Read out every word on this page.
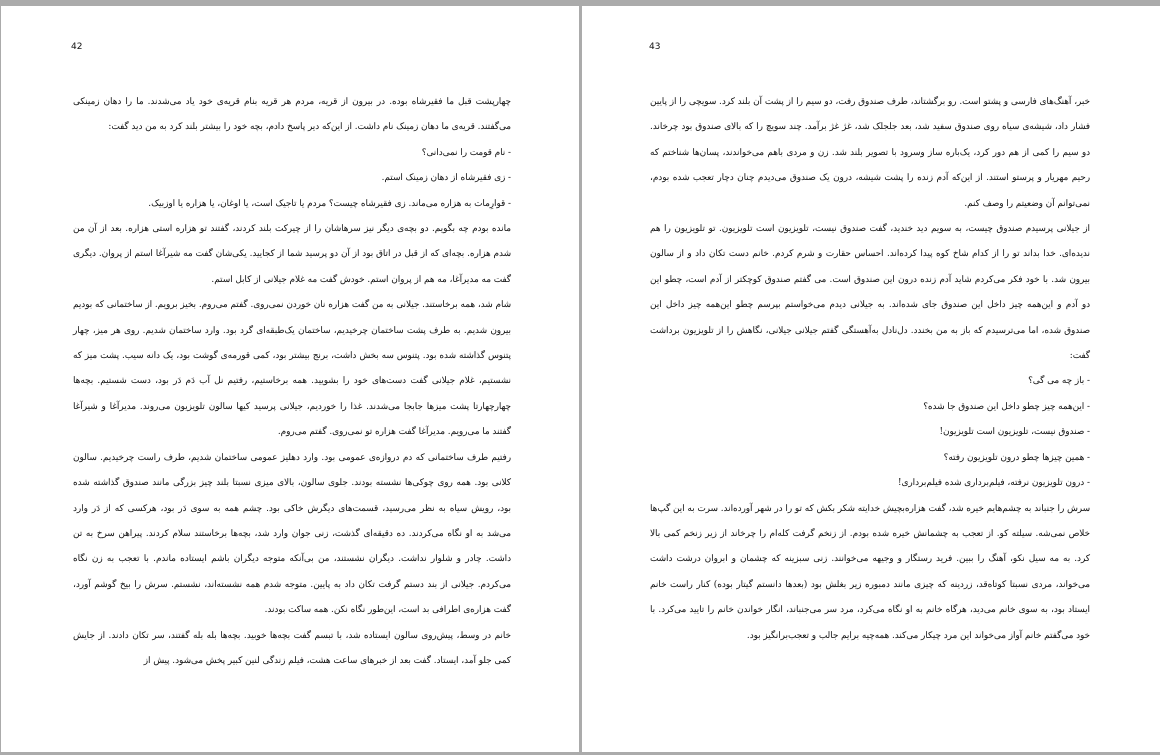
42

چهارپشت قبل ما فقیرشاه بوده. در بیرون از قریه، مردم هر قریه بنام قریه‌ی خود یاد می‌شدند. ما را دهان زمینکی می‌گفتند. قریه‌ی ما دهان زمینک نام داشت. از این‌که دیر پاسخ دادم، بچه خود را بیشتر بلند کرد به من دید گفت:

- نام قومت را نمی‌دانی؟

- زی فقیرشاه از دهان زمینک استم.

- قوارِمات به هزاره می‌ماند. زی فقیرشاه چیست؟ مردم یا تاجیک است، یا اوغان، یا هزاره یا اوزبیک.

مانده بودم چه بگویم. دو بچه‌ی دیگر نیز سرهاشان را از چیرکت بلند کردند، گفتند تو هزاره استی هزاره. بعد از آن من شدم هزاره. بچه‌ای که از قبل در اتاق بود از آن دو پرسید شما از کجایید. یکی‌شان گفت مه شیرآغا استم از پروان. دیگری گفت مه مدیرآغا، مه هم از پروان استم. خودش گفت مه غلام جیلانی از کابل استم.

شام شد، همه برخاستند. جیلانی به من گفت هزاره نان خوردن نمی‌روی. گفتم می‌روم. بخیز برویم. از ساختمانی که بودیم بیرون شدیم. به طرف پشت ساختمان چرخیدیم، ساختمان یک‌طبقه‌ای گرد بود. وارد ساختمان شدیم. روی هر میز، چهار پتنوس گذاشته شده بود. پتنوس سه بخش داشت، برنج بیشتر بود، کمی قورمه‌ی گوشت بود، یک دانه سیب. پشت میز که نشستیم، غلام جیلانی گفت دست‌های خود را بشویید. همه برخاستیم، رفتیم نل آب دَم دَر بود، دست شستیم. بچه‌ها چهارچهارتا پشت میزها جابجا می‌شدند. غذا را خوردیم، جیلانی پرسید کیها سالون تلویزیون می‌روند. مدیرآغا و شیرآغا گفتند ما می‌رویم. مدیرآغا گفت هزاره تو نمی‌روی. گفتم می‌روم.

رفتیم طرف ساختمانی که دم دروازه‌ی عمومی بود. وارد دهلیز عمومی ساختمان شدیم، طرف راست چرخیدیم. سالون کلانی بود. همه روی چوکی‌ها نشسته بودند. جلوی سالون، بالای میزی نسبتا بلند چیز بزرگی مانند صندوق گذاشته شده بود، رویش سیاه به نظر می‌رسید، قسمت‌های دیگرش خاکی بود. چشم همه به سوی دَر بود، هرکسی که از دَر وارد می‌شد به او نگاه می‌کردند. ده دقیقه‌ای گذشت، زنی جوان وارد شد، بچه‌ها برخاستند سلام کردند. پیراهن سرخ به تن داشت. چادر و شلوار نداشت. دیگران نشستند، من بی‌آنکه متوجه دیگران باشم ایستاده ماندم. با تعجب به زن نگاه می‌کردم. جیلانی از بند دستم گرفت تکان داد به پایین. متوجه شدم همه نشسته‌اند، نشستم. سرش را بیخ گوشم آورد، گفت هزاره‌ی اطرافی بد است، این‌طور نگاه نکن. همه ساکت بودند.

خانم در وسط، پیش‌روی سالون ایستاده شد، با تبسم گفت بچه‌ها خوبید. بچه‌ها بله بله گفتند، سر تکان دادند. از جایش کمی جلو آمد، ایستاد. گفت بعد از خبرهای ساعت هشت، فیلم زندگی لنین کبیر پخش می‌شود. پیش از

43

خبر، آهنگ‌های فارسی و پشتو است. رو برگشتاند، طرف صندوق رفت، دو سیم را از پشت آن بلند کرد. سویچی را از پایین فشار داد، شیشه‌ی سیاه روی صندوق سفید شد، بعد جلجلک شد، غژ غژ برآمد. چند سویچ را که بالای صندوق بود چرخاند. دو سیم را کمی از هم دور کرد، یک‌باره ساز وسرود با تصویر بلند شد. زن و مردی باهم می‌خواندند، پسان‌ها شناختم که رحیم مهریار و پرستو استند. از این‌که آدم زنده را پشت شیشه، درون یک صندوق می‌دیدم چنان دچار تعجب شده بودم، نمی‌توانم آن وضعیتم را وصف کنم.

از جیلانی پرسیدم صندوق چیست، به سویم دید خندید، گفت صندوق نیست، تلویزیون است تلویزیون. تو تلویزیون را هم ندیده‌ای. خدا بداند تو را از کدام شاخ کوه پیدا کرده‌اند. احساس حقارت و شرم کردم. خانم دست تکان داد و از سالون بیرون شد. با خود فکر می‌کردم شاید آدم زنده درون این صندوق است. می گفتم صندوق کوچکتر از آدم است، چطو این دو آدم و این‌همه چیز داخل این صندوق جای شده‌اند. به جیلانی دیدم می‌خواستم بپرسم چطو این‌همه چیز داخل این صندوق شده، اما می‌ترسیدم که باز به من بخندد. دل‌نادل به‌آهستگی گفتم جیلانی جیلانی، نگاهش را از تلویزیون برداشت گفت:

- باز چه می گی؟

- این‌همه چیز چطو داخل این صندوق جا شده؟

- صندوق نیست، تلویزیون است تلویزیون!

- همین چیزها چطو درون تلویزیون رفته؟

- درون تلویزیون نرفته، فیلم‌برداری شده فیلم‌برداری!

سرش را جنباند به چشم‌هایم خیره شد، گفت هزاره‌بچیش خدایته شکر بکش که تو را در شهر آورده‌اند. سرت به این گپ‌ها خلاص نمی‌شه. سیلته کو. از تعجب به چشمانش خیره شده بودم. از زنخم گرفت کله‌ام را چرخاند از زیر زنخم کمی بالا کرد. به مه سیل نکو، آهنگ را ببین. فرید رستگار و وجیهه می‌خوانند. زنی سبزینه که چشمان و ابروان درشت داشت می‌خواند، مردی نسبتا کوتاه‌قد، زردینه که چیزی مانند دمبوره زیر بغلش بود (بعدها دانستم گیتار بوده) کنار راست خانم ایستاد بود، به سوی خانم می‌دید، هرگاه خانم به او نگاه می‌کرد، مرد سر می‌جنباند، انگار خواندن خانم را تایید می‌کرد. با خود می‌گفتم خانم آواز می‌خواند این مرد چیکار می‌کند. همه‌چیه برایم جالب و تعجب‌برانگیز بود.
